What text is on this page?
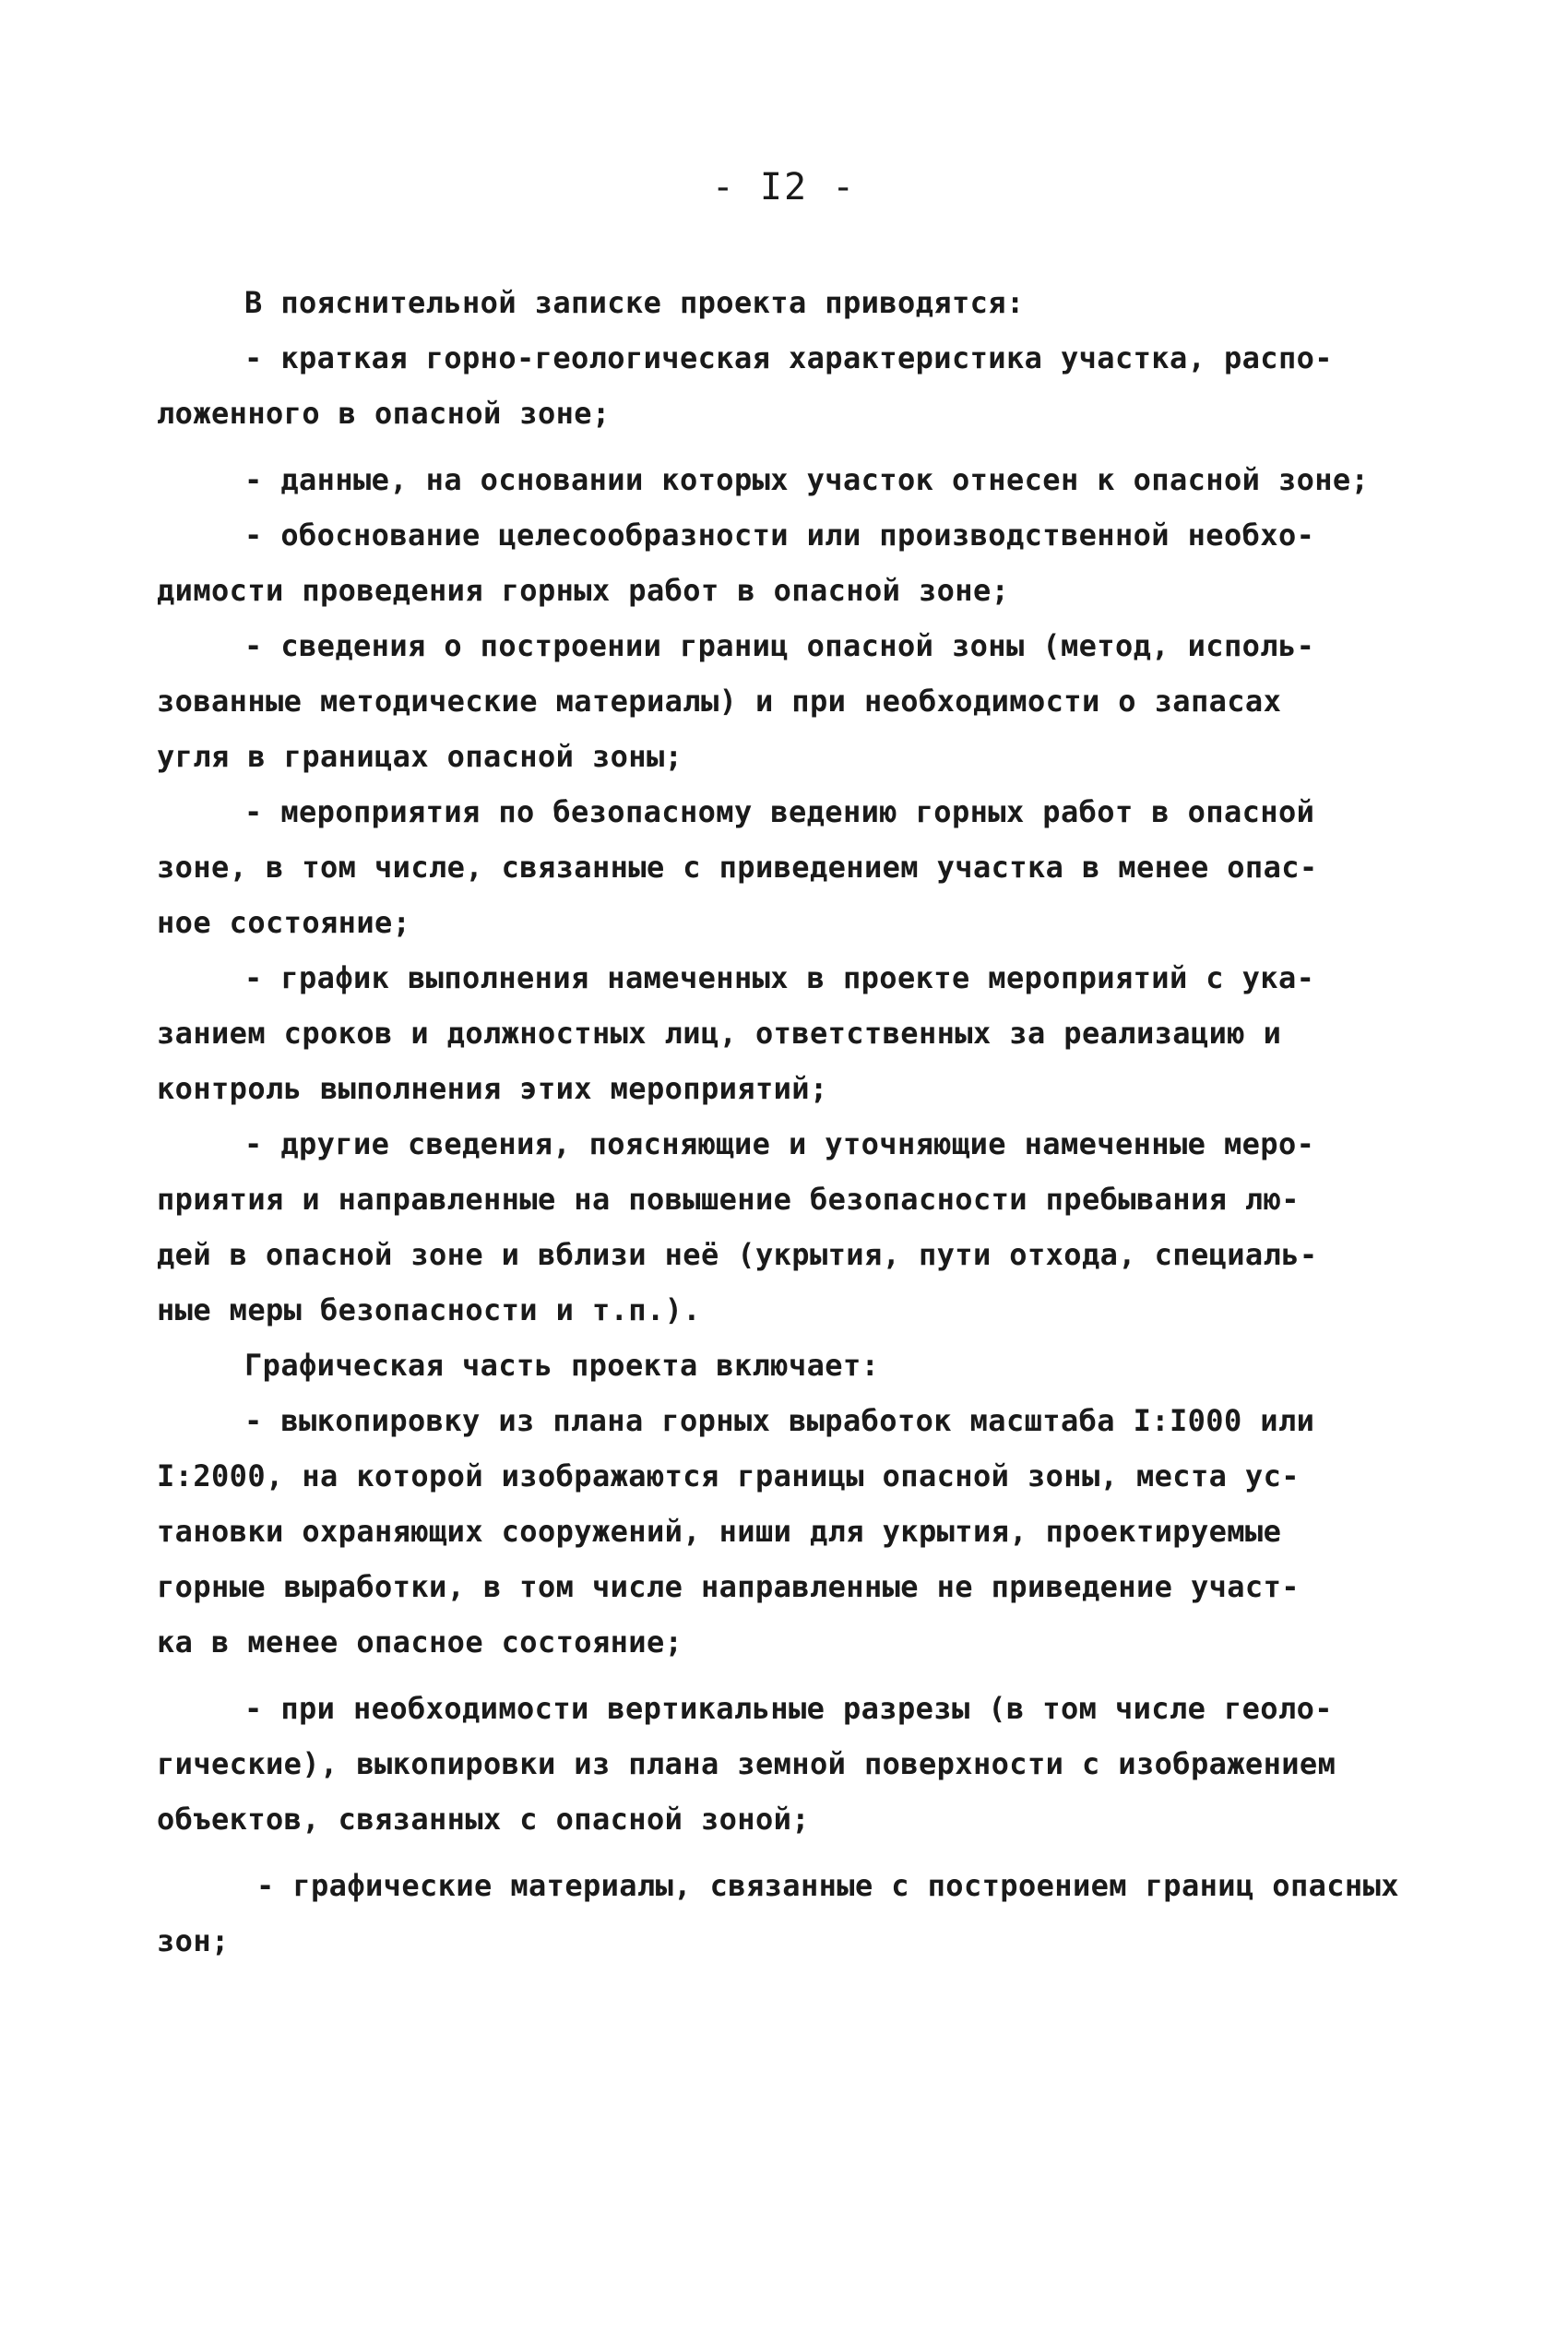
- I2 -
В пояснительной записке проекта приводятся:
- краткая горно-геологическая характеристика участка, распо-
ложенного в опасной зоне;
- данные, на основании которых участок отнесен к опасной зоне;
- обоснование целесообразности или производственной необхо-
димости проведения горных работ в опасной зоне;
- сведения о построении границ опасной зоны (метод, исполь-
зованные методические материалы) и при необходимости о запасах
угля в границах опасной зоны;
- мероприятия по безопасному ведению горных работ в опасной
зоне, в том числе, связанные с приведением участка в менее опас-
ное состояние;
- график выполнения намеченных в проекте мероприятий с ука-
занием сроков и должностных лиц, ответственных за реализацию и
контроль выполнения этих мероприятий;
- другие сведения, поясняющие и уточняющие намеченные меро-
приятия и направленные на повышение безопасности пребывания лю-
дей в опасной зоне и вблизи неё (укрытия, пути отхода, специаль-
ные меры безопасности и т.п.).
Графическая часть проекта включает:
- выкопировку из плана горных выработок масштаба I:I000 или
I:2000, на которой изображаются границы опасной зоны, места ус-
тановки охраняющих сооружений, ниши для укрытия, проектируемые
горные выработки, в том числе направленные не приведение участ-
ка в менее опасное состояние;
- при необходимости вертикальные разрезы (в том числе геоло-
гические), выкопировки из плана земной поверхности с изображением
объектов, связанных с опасной зоной;
- графические материалы, связанные с построением границ опасных
зон;
